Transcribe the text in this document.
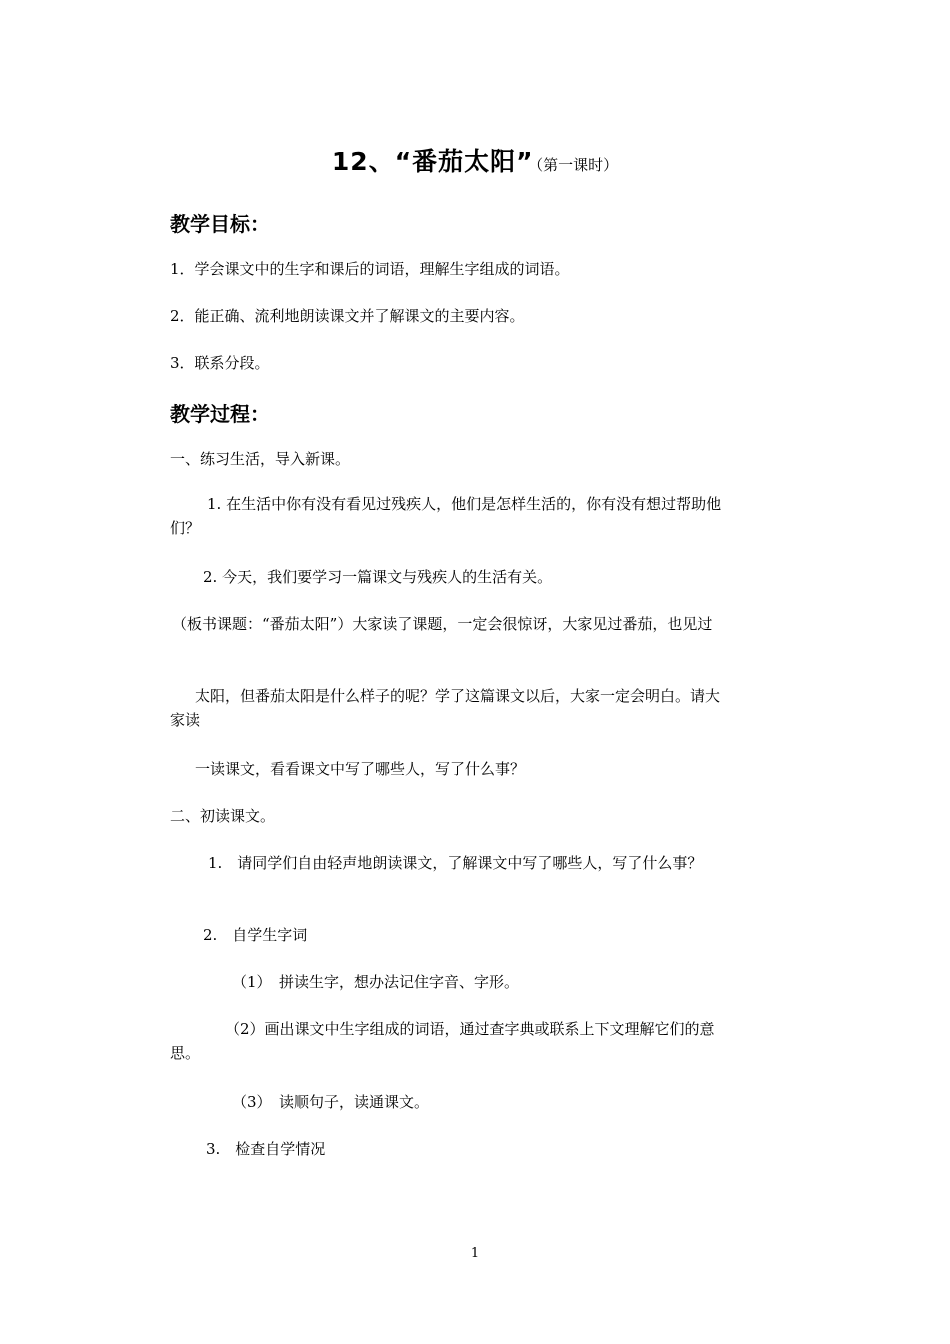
12、“番茄太阳” （第一课时）
教学目标：
1．学会课文中的生字和课后的词语，理解生字组成的词语。
2．能正确、流利地朗读课文并了解课文的主要内容。
3．联系分段。
教学过程：
一、练习生活，导入新课。
1. 在生活中你有没有看见过残疾人，他们是怎样生活的，你有没有想过帮助他们？
2. 今天，我们要学习一篇课文与残疾人的生活有关。
（板书课题：“番茄太阳”）大家读了课题，一定会很惊讶，大家见过番茄，也见过
太阳，但番茄太阳是什么样子的呢？学了这篇课文以后，大家一定会明白。请大家读
一读课文，看看课文中写了哪些人，写了什么事？
二、初读课文。
1.　请同学们自由轻声地朗读课文，了解课文中写了哪些人，写了什么事？
2.　自学生字词
（1）　拼读生字，想办法记住字音、字形。
（2）画出课文中生字组成的词语，通过查字典或联系上下文理解它们的意思。
（3）　读顺句子，读通课文。
3.　检查自学情况
1
